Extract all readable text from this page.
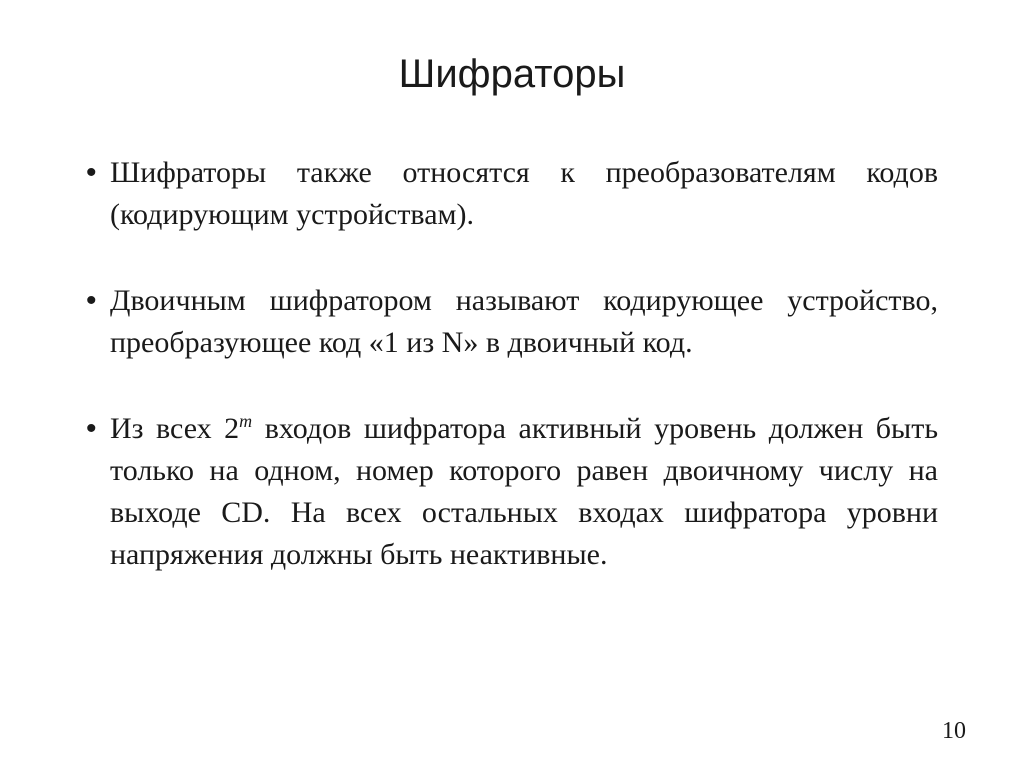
Шифраторы
• Шифраторы также относятся к преобразователям кодов (кодирующим устройствам).
• Двоичным шифратором называют кодирующее устройство, преобразующее код «1 из N» в двоичный код.
• Из всех 2$^m$ входов шифратора активный уровень должен быть только на одном, номер которого равен двоичному числу на выходе CD. На всех остальных входах шифратора уровни напряжения должны быть неактивные.
10
